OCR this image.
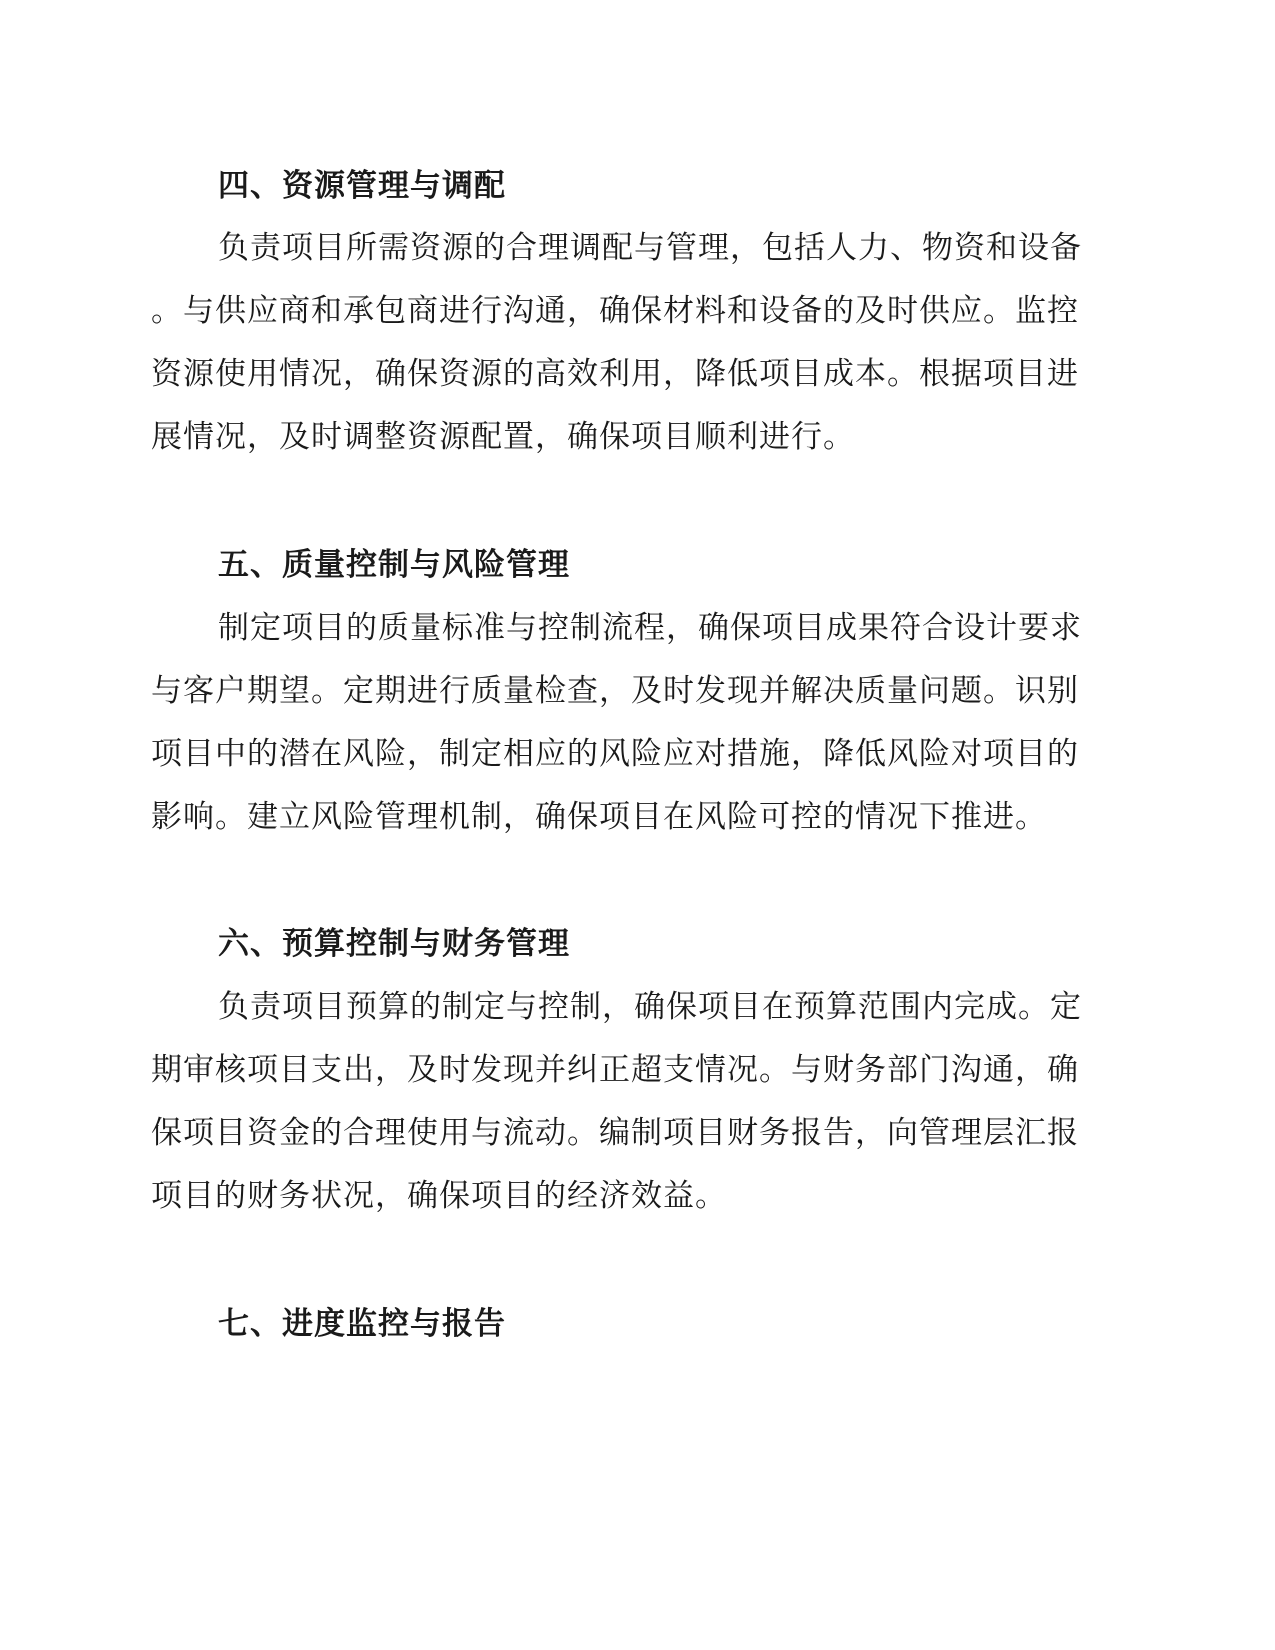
四、资源管理与调配

负责项目所需资源的合理调配与管理，包括人力、物资和设备

。与供应商和承包商进行沟通，确保材料和设备的及时供应。监控

资源使用情况，确保资源的高效利用，降低项目成本。根据项目进

展情况，及时调整资源配置，确保项目顺利进行。

五、质量控制与风险管理

制定项目的质量标准与控制流程，确保项目成果符合设计要求

与客户期望。定期进行质量检查，及时发现并解决质量问题。识别

项目中的潜在风险，制定相应的风险应对措施，降低风险对项目的

影响。建立风险管理机制，确保项目在风险可控的情况下推进。

六、预算控制与财务管理

负责项目预算的制定与控制，确保项目在预算范围内完成。定

期审核项目支出，及时发现并纠正超支情况。与财务部门沟通，确

保项目资金的合理使用与流动。编制项目财务报告，向管理层汇报

项目的财务状况，确保项目的经济效益。

七、进度监控与报告
